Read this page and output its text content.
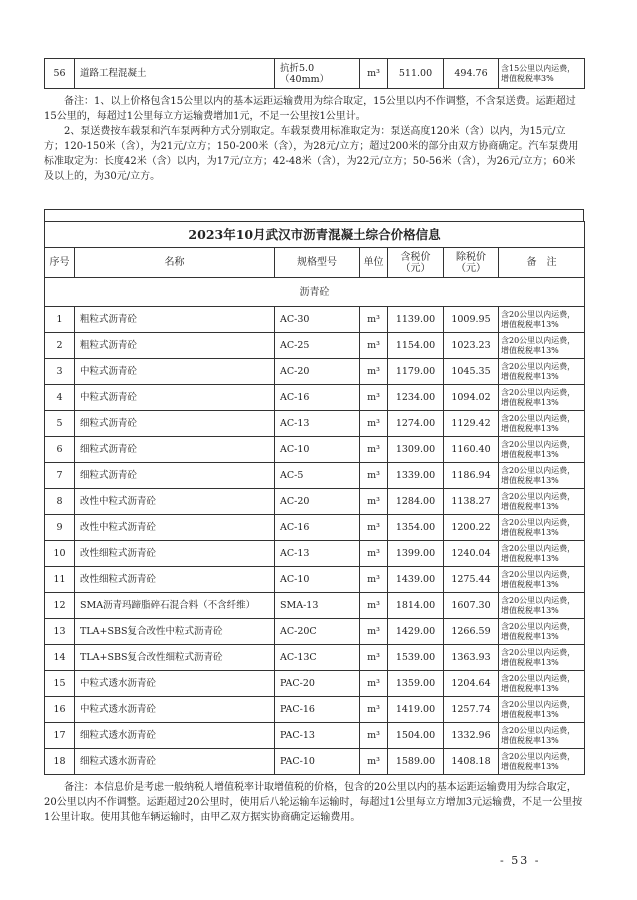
56	道路工程混凝土	抗折5.0（40mm）	m³	511.00	494.76	含15公里以内运费，增值税税率3%

备注：1、以上价格包含15公里以内的基本运距运输费用为综合取定，15公里以内不作调整，不含泵送费。运距超过15公里的，每超过1公里每立方运输费增加1元，不足一公里按1公里计。

2、泵送费按车载泵和汽车泵两种方式分别取定。车载泵费用标准取定为：泵送高度120米（含）以内，为15元/立方；120-150米（含），为21元/立方；150-200米（含），为28元/立方；超过200米的部分由双方协商确定。汽车泵费用标准取定为：长度42米（含）以内，为17元/立方；42-48米（含），为22元/立方；50-56米（含），为26元/立方；60米及以上的，为30元/立方。

2023年10月武汉市沥青混凝土综合价格信息						
序号	名称	规格型号	单位	含税价（元）	除税价（元）	备　注
沥青砼						
1	粗粒式沥青砼	AC-30	m³	1139.00	1009.95	含20公里以内运费，增值税税率13%
2	粗粒式沥青砼	AC-25	m³	1154.00	1023.23	含20公里以内运费，增值税税率13%
3	中粒式沥青砼	AC-20	m³	1179.00	1045.35	含20公里以内运费，增值税税率13%
4	中粒式沥青砼	AC-16	m³	1234.00	1094.02	含20公里以内运费，增值税税率13%
5	细粒式沥青砼	AC-13	m³	1274.00	1129.42	含20公里以内运费，增值税税率13%
6	细粒式沥青砼	AC-10	m³	1309.00	1160.40	含20公里以内运费，增值税税率13%
7	细粒式沥青砼	AC-5	m³	1339.00	1186.94	含20公里以内运费，增值税税率13%
8	改性中粒式沥青砼	AC-20	m³	1284.00	1138.27	含20公里以内运费，增值税税率13%
9	改性中粒式沥青砼	AC-16	m³	1354.00	1200.22	含20公里以内运费，增值税税率13%
10	改性细粒式沥青砼	AC-13	m³	1399.00	1240.04	含20公里以内运费，增值税税率13%
11	改性细粒式沥青砼	AC-10	m³	1439.00	1275.44	含20公里以内运费，增值税税率13%
12	SMA沥青玛蹄脂碎石混合料（不含纤维）	SMA-13	m³	1814.00	1607.30	含20公里以内运费，增值税税率13%
13	TLA+SBS复合改性中粒式沥青砼	AC-20C	m³	1429.00	1266.59	含20公里以内运费，增值税税率13%
14	TLA+SBS复合改性细粒式沥青砼	AC-13C	m³	1539.00	1363.93	含20公里以内运费，增值税税率13%
15	中粒式透水沥青砼	PAC-20	m³	1359.00	1204.64	含20公里以内运费，增值税税率13%
16	中粒式透水沥青砼	PAC-16	m³	1419.00	1257.74	含20公里以内运费，增值税税率13%
17	细粒式透水沥青砼	PAC-13	m³	1504.00	1332.96	含20公里以内运费，增值税税率13%
18	细粒式透水沥青砼	PAC-10	m³	1589.00	1408.18	含20公里以内运费，增值税税率13%

备注：本信息价是考虑一般纳税人增值税率计取增值税的价格，包含的20公里以内的基本运距运输费用为综合取定，20公里以内不作调整。运距超过20公里时，使用后八轮运输车运输时，每超过1公里每立方增加3元运输费，不足一公里按1公里计取。使用其他车辆运输时，由甲乙双方据实协商确定运输费用。

- 53 -
